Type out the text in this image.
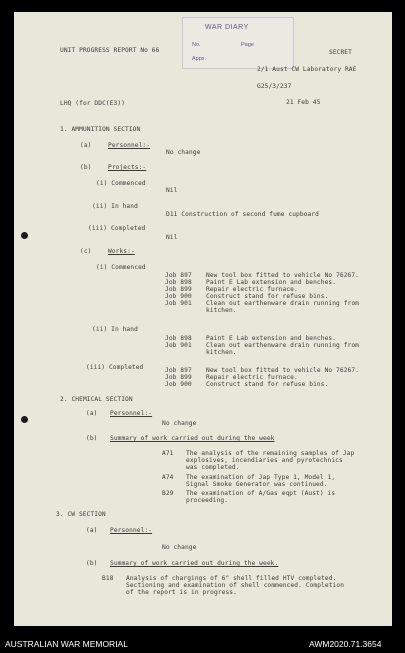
WAR DIARY
No.	Page
Appx.
UNIT PROGRESS REPORT No 66	SECRET
2/1 Aust CW Laboratory RAE
G25/3/237
21 Feb 45
LHQ (for DDC(E3))
1. AMMUNITION SECTION
(a)	Personnel:-
No change
(b)	Projects:-
(i) Commenced
Nil
(ii) In hand
D11 Construction of second fume cupboard
(iii) Completed
Nil
(c)	Works:-
(i) Commenced
Job 897 New tool box fitted to vehicle No 76267.
Job 898 Paint E Lab extension and benches.
Job 899 Repair electric furnace.
Job 900 Construct stand for refuse bins.
Job 901 Clean out earthenware drain running from
kitchen.
(ii) In hand
Job 898 Paint E Lab extension and benches.
Job 901 Clean out earthenware drain running from
kitchen.
(iii) Completed	Job 897 New tool box fitted to vehicle No 76267.
Job 899 Repair electric furnace.
Job 900 Construct stand for refuse bins.
2. CHEMICAL SECTION
(a) Personnel:-
No change
(b) Summary of work carried out during the week
A71 The analysis of the remaining samples of Jap
explosives, incendiaries and pyrotechnics
was completed.
A74 The examination of Jap Type 1, Model 1,
Signal Smoke Generator was continued.
B29 The examination of A/Gas eqpt (Aust) is
proceeding.
3. CW SECTION
(a) Personnel:-
No change
(b) Summary of work carried out during the week.
B18 Analysis of chargings of 6" shell filled HTV completed.
Sectioning and examination of shell commenced. Completion
of the report is in progress.
AUSTRALIAN WAR MEMORIAL	AWM2020.71.3654
